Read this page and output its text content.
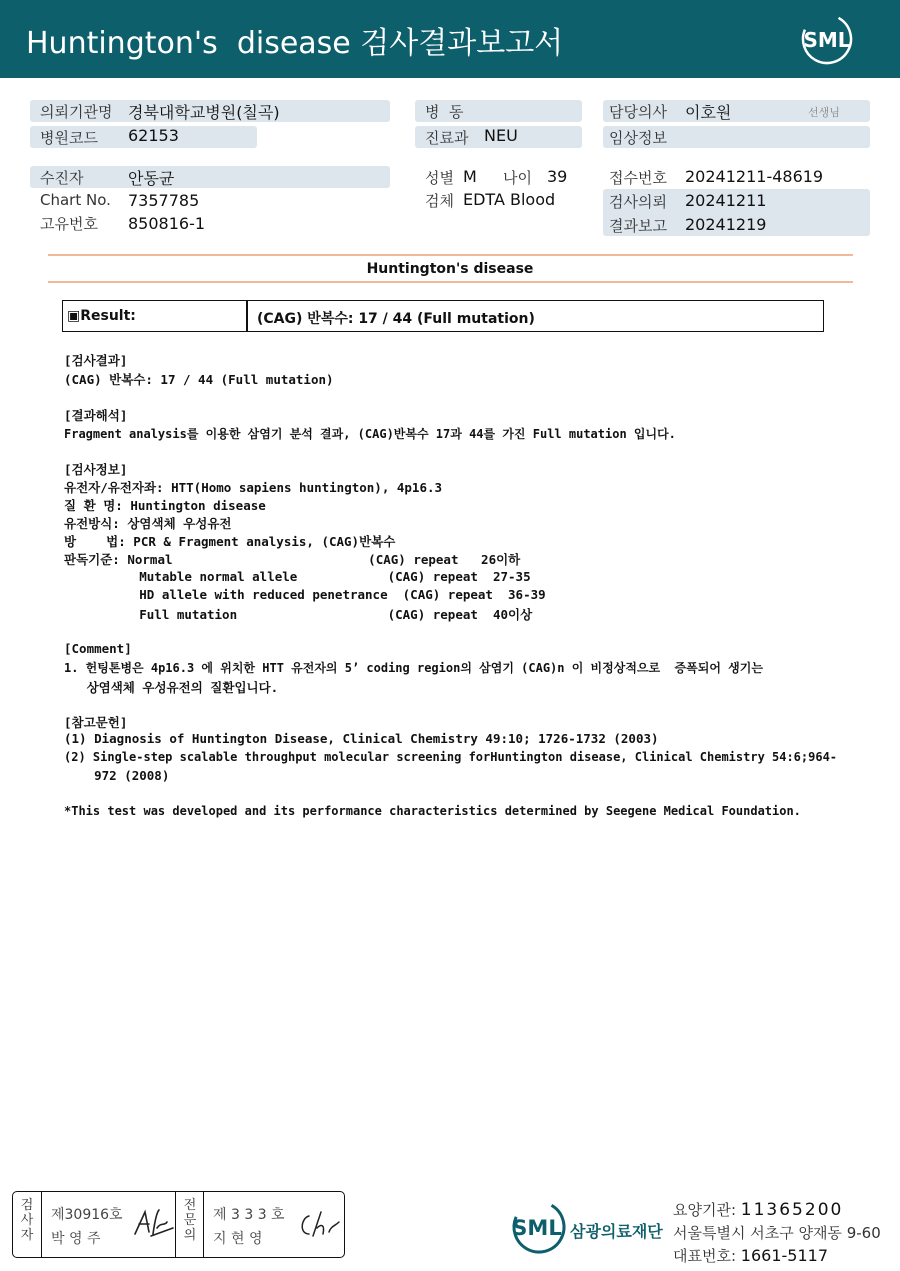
Huntington's  disease 검사결과보고서	SML
의뢰기관명 경북대학교병원(칠곡)
병원코드 62153
병  동
진료과 NEU
담당의사 이호원	선생님
임상정보
수진자	안동균
Chart No. 7357785
고유번호 850816-1
성별 M 나이 39
검체 EDTA Blood
접수번호 20241211-48619
검사의뢰 20241211
결과보고 20241219
Huntington's disease
▣Result:	(CAG) 반복수: 17 / 44 (Full mutation)
[검사결과]
(CAG) 반복수: 17 / 44 (Full mutation)
[결과해석]
Fragment analysis를 이용한 삼염기 분석 결과, (CAG)반복수 17과 44를 가진 Full mutation 입니다.
[검사정보]
유전자/유전자좌: HTT(Homo sapiens huntington), 4p16.3
질 환 명: Huntington disease
유전방식: 상염색체 우성유전
방    법: PCR & Fragment analysis, (CAG)반복수
판독기준: Normal                          (CAG) repeat   26이하
Mutable normal allele            (CAG) repeat  27-35
HD allele with reduced penetrance  (CAG) repeat  36-39
Full mutation                    (CAG) repeat  40이상
[Comment]
1. 헌팅톤병은 4p16.3 에 위치한 HTT 유전자의 5’ coding region의 삼염기 (CAG)n 이 비정상적으로  증폭되어 생기는
상염색체 우성유전의 질환입니다.
[참고문헌]
(1) Diagnosis of Huntington Disease, Clinical Chemistry 49:10; 1726-1732 (2003)
(2) Single-step scalable throughput molecular screening forHuntington disease, Clinical Chemistry 54:6;964-
972 (2008)
*This test was developed and its performance characteristics determined by Seegene Medical Foundation.
검사자
제30916호
박 영 주
전문의
제 3 3 3 호
지 현 영	SML 삼광의료재단
요양기관: 11365200
서울특별시 서초구 양재동 9-60
대표번호: 1661-5117
